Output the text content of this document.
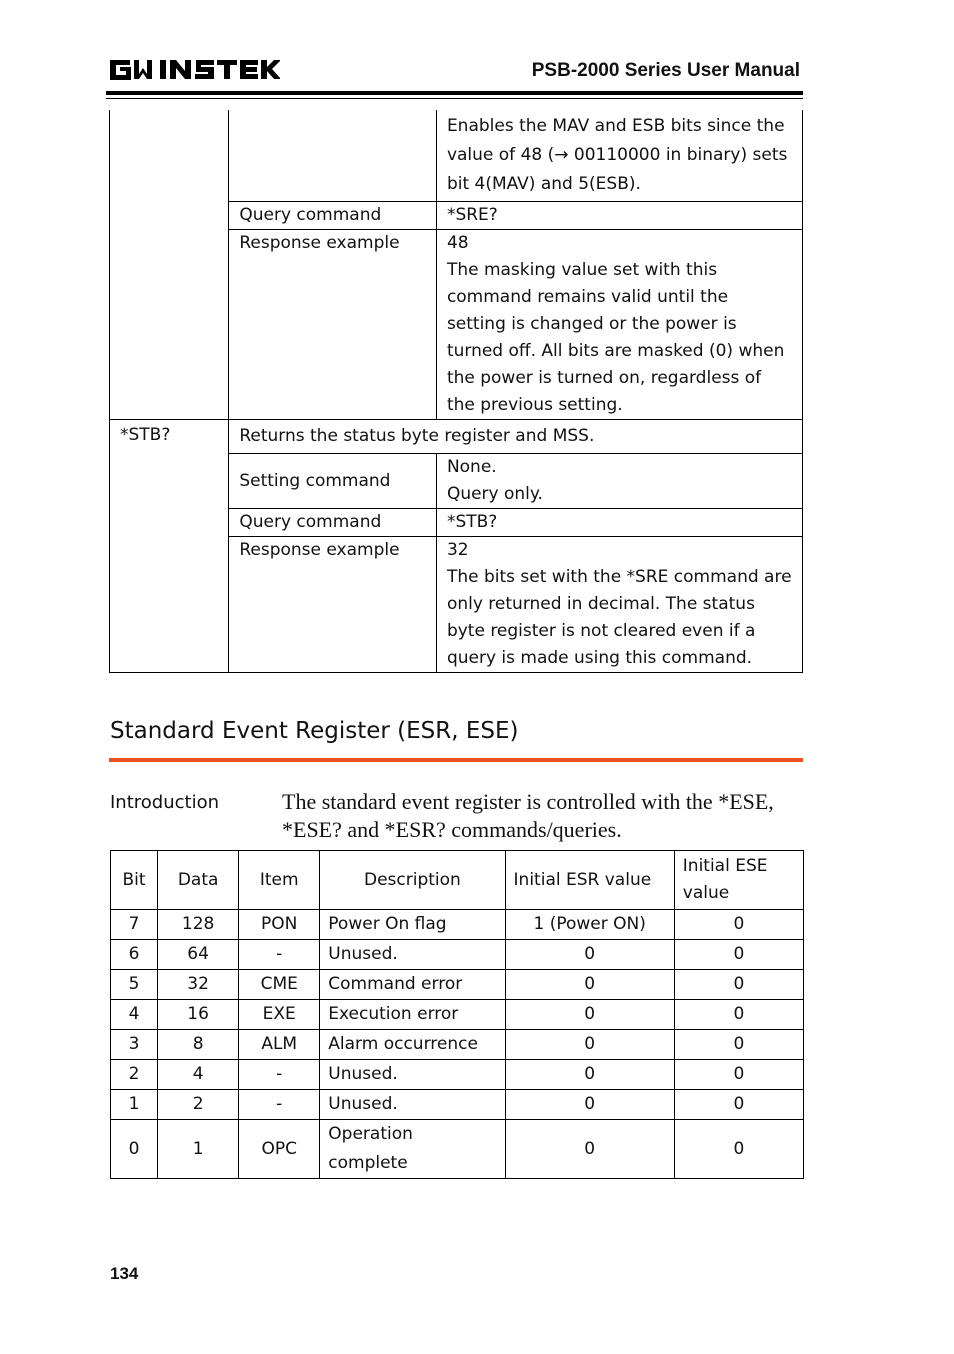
PSB-2000 Series User Manual
		Enables the MAV and ESB bits since the value of 48 (→ 00110000 in binary) sets bit 4(MAV) and 5(ESB).
	Query command	*SRE?
	Response example	48
The masking value set with this command remains valid until the setting is changed or the power is turned off. All bits are masked (0) when the power is turned on, regardless of the previous setting.

*STB?	Returns the status byte register and MSS.	
	Setting command	None.
Query only.

	Query command	*STB?
	Response example	32
The bits set with the *SRE command are only returned in decimal. The status byte register is not cleared even if a query is made using this command.
Standard Event Register (ESR, ESE)
Introduction	The standard event register is controlled with the *ESE, *ESE? and *ESR? commands/queries.
Bit	Data	Item	Description	Initial ESR value	Initial ESE value
7	128	PON	Power On flag	1 (Power ON)	0
6	64	-	Unused.	0	0
5	32	CME	Command error	0	0
4	16	EXE	Execution error	0	0
3	8	ALM	Alarm occurrence	0	0
2	4	-	Unused.	0	0
1	2	-	Unused.	0	0
0	1	OPC	Operation complete	0	0
134
